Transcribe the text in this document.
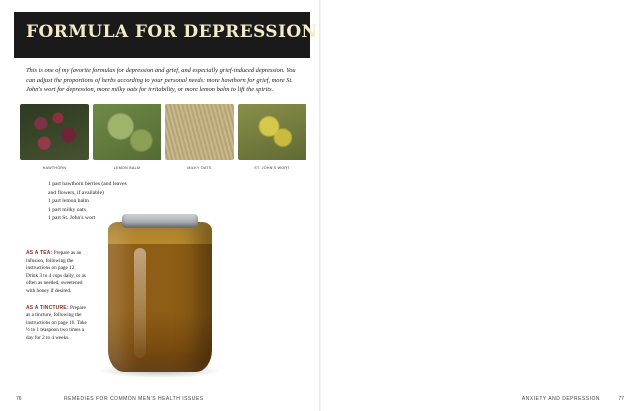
FORMULA FOR DEPRESSION
This is one of my favorite formulas for depression and grief, and especially grief-induced depression. You can adjust the proportions of herbs according to your personal needs: more hawthorn for grief, more St. John's wort for depression, more milky oats for irritability, or more lemon balm to lift the spirits.
HAWTHORN	LEMON BALM	MILKY OATS	ST. JOHN'S WORT
1 part hawthorn berries (and leaves
and flowers, if available)
1 part lemon balm
1 part milky oats
1 part St. John's wort

AS A TEA: Prepare as an infusion, following the instructions on page 12. Drink 3 to 4 cups daily, or as often as needed, sweetened with honey if desired.

AS A TINCTURE: Prepare as a tincture, following the instructions on page 16. Take ½ to 1 teaspoon two times a day for 2 to 4 weeks.

76	REMEDIES FOR COMMON MEN'S HEALTH ISSUES	ANXIETY AND DEPRESSION	77
